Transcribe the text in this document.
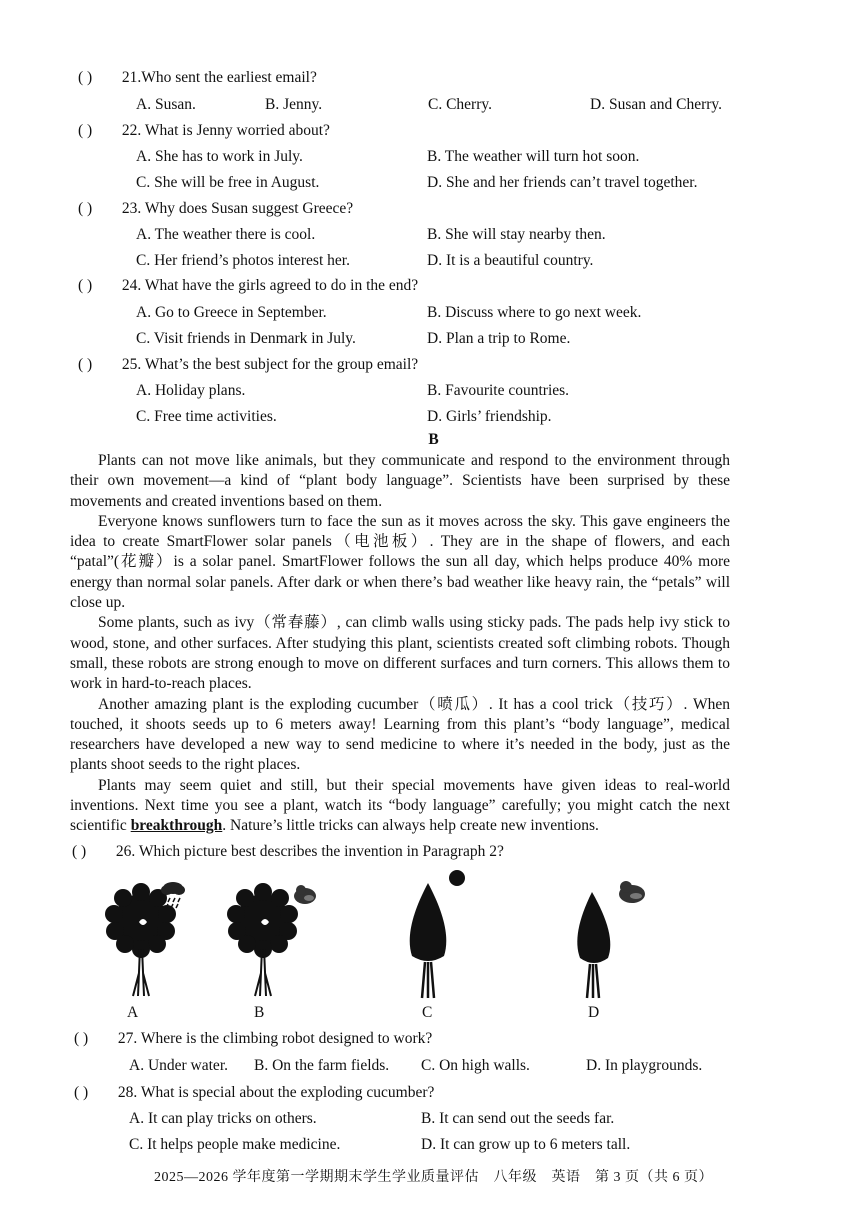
( ) 21.Who sent the earliest email?
A. Susan.	B. Jenny.	C. Cherry.	D. Susan and Cherry.
( ) 22. What is Jenny worried about?
A. She has to work in July.	B. The weather will turn hot soon.
C. She will be free in August.	D. She and her friends can’t travel together.
( ) 23. Why does Susan suggest Greece?
A. The weather there is cool.	B. She will stay nearby then.
C. Her friend’s photos interest her.	D. It is a beautiful country.
( ) 24. What have the girls agreed to do in the end?
A. Go to Greece in September.	B. Discuss where to go next week.
C. Visit friends in Denmark in July.	D. Plan a trip to Rome.
( ) 25. What’s the best subject for the group email?
A. Holiday plans.	B. Favourite countries.
C. Free time activities.	D. Girls’ friendship.
B

Plants can not move like animals, but they communicate and respond to the environment through their own movement—a kind of “plant body language”. Scientists have been surprised by these movements and created inventions based on them.

Everyone knows sunflowers turn to face the sun as it moves across the sky. This gave engineers the idea to create SmartFlower solar panels（电池板）. They are in the shape of flowers, and each “patal”(花瓣）is a solar panel. SmartFlower follows the sun all day, which helps produce 40% more energy than normal solar panels. After dark or when there’s bad weather like heavy rain, the “petals” will close up.

Some plants, such as ivy（常春藤）, can climb walls using sticky pads. The pads help ivy stick to wood, stone, and other surfaces. After studying this plant, scientists created soft climbing robots. Though small, these robots are strong enough to move on different surfaces and turn corners. This allows them to work in hard-to-reach places.

Another amazing plant is the exploding cucumber（喷瓜）. It has a cool trick（技巧）. When touched, it shoots seeds up to 6 meters away! Learning from this plant’s “body language”, medical researchers have developed a new way to send medicine to where it’s needed in the body, just as the plants shoot seeds to the right places.

Plants may seem quiet and still, but their special movements have given ideas to real-world inventions. Next time you see a plant, watch its “body language” carefully; you might catch the next scientific breakthrough. Nature’s little tricks can always help create new inventions.

( ) 26. Which picture best describes the invention in Paragraph 2?
A	B	C	D
( ) 27. Where is the climbing robot designed to work?
A. Under water. B. On the farm fields. C. On high walls.	D. In playgrounds.
( ) 28. What is special about the exploding cucumber?
A. It can play tricks on others.	B. It can send out the seeds far.
C. It helps people make medicine.	D. It can grow up to 6 meters tall.
2025—2026 学年度第一学期期末学生学业质量评估　八年级　英语　第 3 页（共 6 页）
